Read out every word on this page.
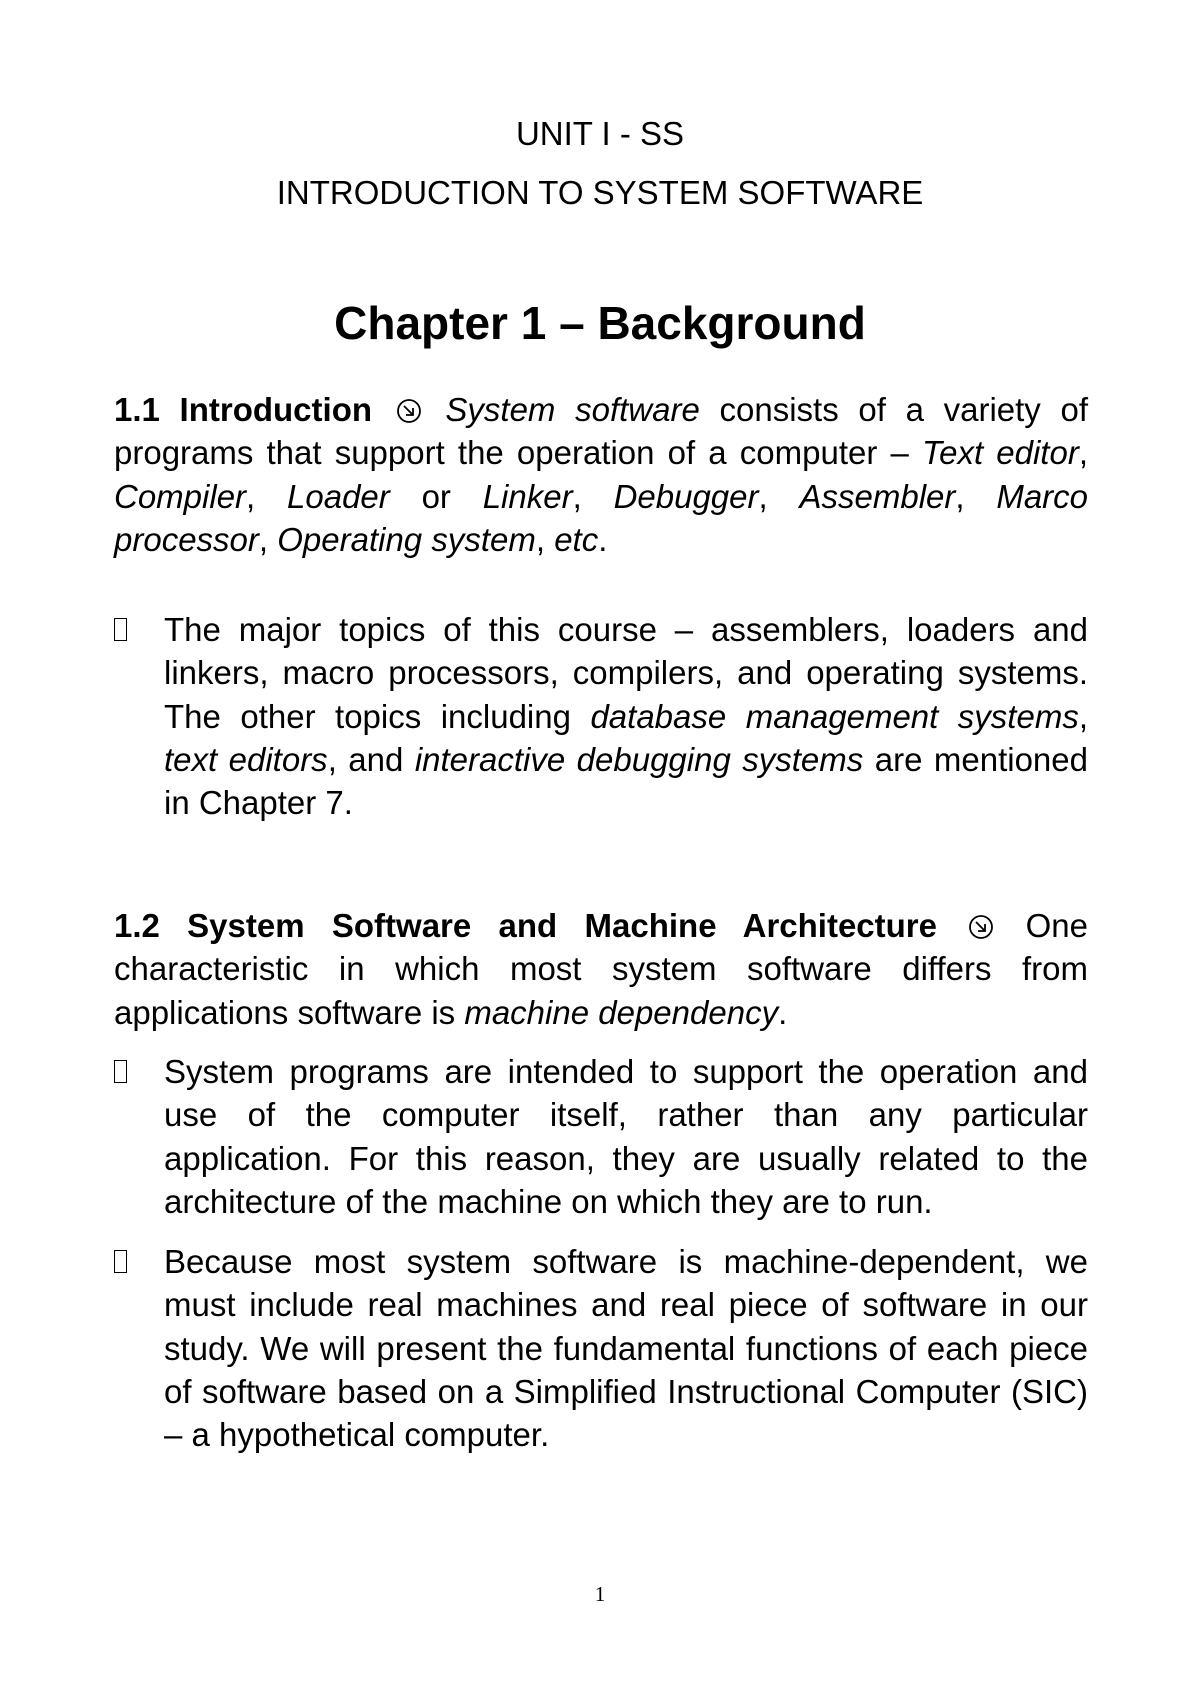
UNIT I - SS
INTRODUCTION TO SYSTEM SOFTWARE
Chapter 1 – Background

1.1 Introduction System software consists of a variety of programs that support the operation of a computer – Text editor, Compiler, Loader or Linker, Debugger, Assembler, Marco processor, Operating system, etc.

The major topics of this course – assemblers, loaders and linkers, macro processors, compilers, and operating systems. The other topics including database management systems, text editors, and interactive debugging systems are mentioned in Chapter 7.

1.2 System Software and Machine Architecture	One characteristic in which most system software differs from applications software is machine dependency.

System programs are intended to support the operation and use of the computer itself, rather than any particular application. For this reason, they are usually related to the architecture of the machine on which they are to run.
Because most system software is machine-dependent, we must include real machines and real piece of software in our study. We will present the fundamental functions of each piece of software based on a Simplified Instructional Computer (SIC) – a hypothetical computer.
1
